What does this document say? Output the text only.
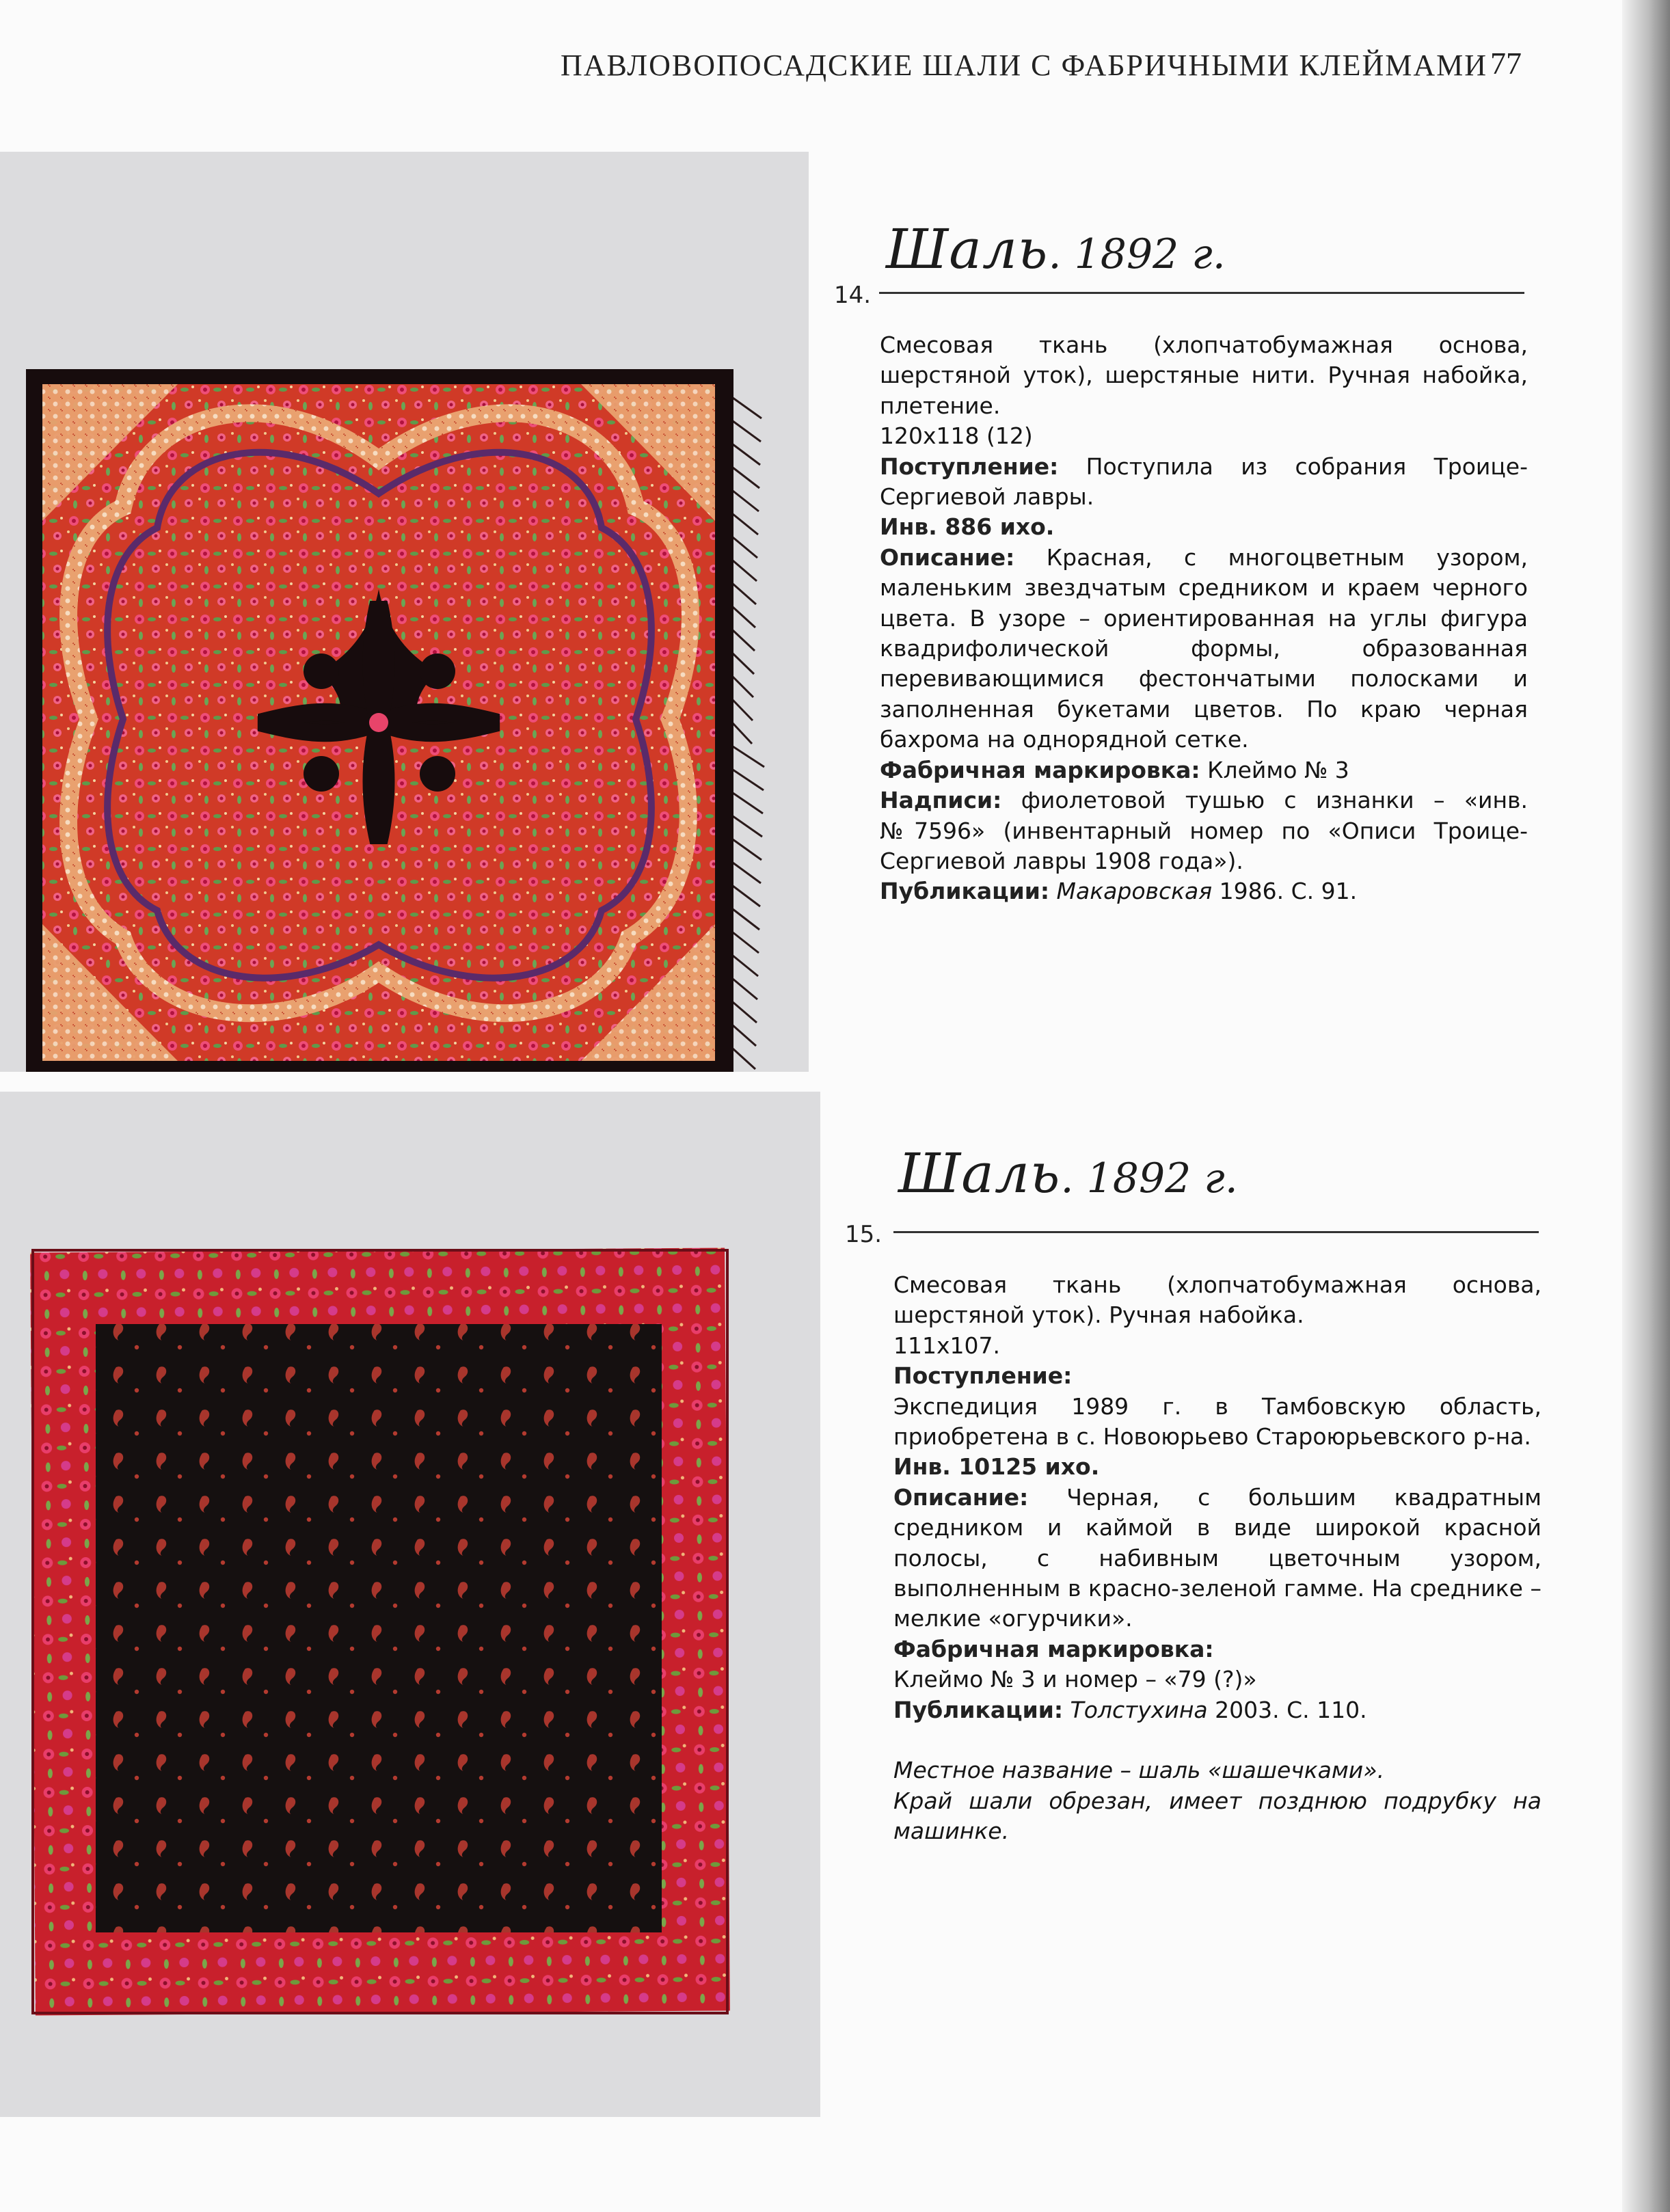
ПАВЛОВОПОСАДСКИЕ ШАЛИ С ФАБРИЧНЫМИ КЛЕЙМАМИ 77
Шаль. 1892 г.
14.

Смесовая ткань (хлопчатобумажная основа, шерстяной уток), шерстяные нити. Ручная набойка, плетение.

120х118 (12)

Поступление: Поступила из собрания Троице-Сергиевой лавры.

Инв. 886 ихо.

Описание: Красная, с многоцветным узором, маленьким звездчатым средником и краем черного цвета. В узоре – ориентированная на углы фигура квадрифолической формы, образованная перевивающимися фестончатыми полосками и заполненная букетами цветов. По краю черная бахрома на однорядной сетке.

Фабричная маркировка: Клеймо № 3

Надписи: фиолетовой тушью с изнанки – «инв. №7596» (инвентарный номер по «Описи Троице-Сергиевой лавры 1908 года»).

Публикации: Макаровская 1986. С. 91.

Шаль. 1892 г.
15.

Смесовая ткань (хлопчатобумажная основа, шерстяной уток). Ручная набойка.

111х107.

Поступление:

Экспедиция 1989 г. в Тамбовскую область, приобретена в с. Новоюрьево Староюрьевского р-на.

Инв. 10125 ихо.

Описание: Черная, с большим квадратным средником и каймой в виде широкой красной полосы, с набивным цветочным узором, выполненным в красно-зеленой гамме. На среднике – мелкие «огурчики».

Фабричная маркировка:

Клеймо № 3 и номер – «79 (?)»

Публикации: Толстухина 2003. С. 110.

Местное название – шаль «шашечками».

Край шали обрезан, имеет позднюю подрубку на машинке.
